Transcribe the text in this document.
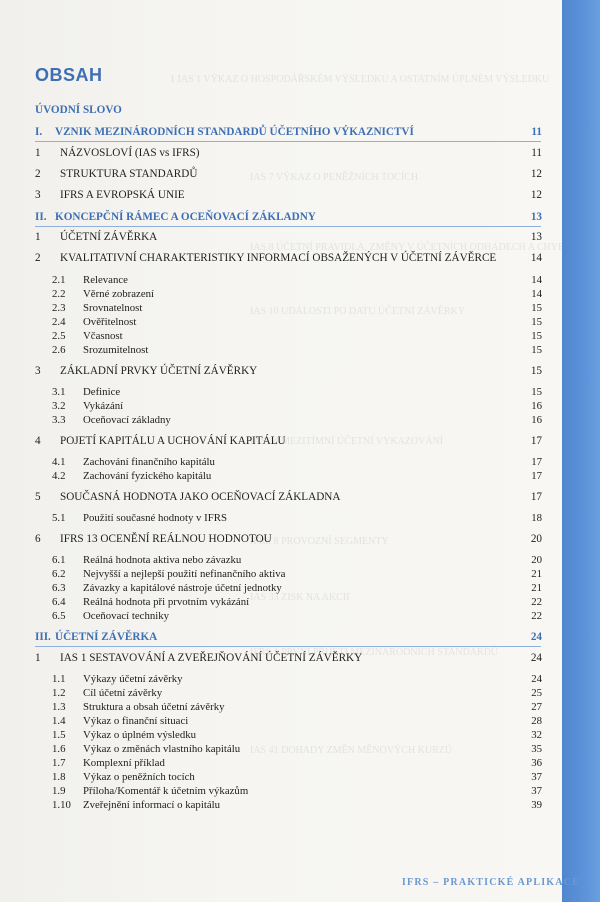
OBSAH
ÚVODNÍ SLOVO
I. VZNIK MEZINÁRODNÍCH STANDARDŮ ÚČETNÍHO VÝKAZNICTVÍ	11
1 NÁZVOSLOVÍ (IAS vs IFRS)	11
2 STRUKTURA STANDARDŮ	12
3 IFRS A EVROPSKÁ UNIE	12
II. KONCEPČNÍ RÁMEC A OCEŇOVACÍ ZÁKLADNY	13
1 ÚČETNÍ ZÁVĚRKA	13
2 KVALITATIVNÍ CHARAKTERISTIKY INFORMACÍ OBSAŽENÝCH V ÚČETNÍ ZÁVĚRCE	14
2.1 Relevance	14
2.2 Věrné zobrazení	14
2.3 Srovnatelnost	15
2.4 Ověřitelnost	15
2.5 Včasnost	15
2.6 Srozumitelnost	15
3 ZÁKLADNÍ PRVKY ÚČETNÍ ZÁVĚRKY	15
3.1 Definice	15
3.2 Vykázání	16
3.3 Oceňovací základny	16
4 POJETÍ KAPITÁLU A UCHOVÁNÍ KAPITÁLU	17
4.1 Zachování finančního kapitálu	17
4.2 Zachování fyzického kapitálu	17
5 SOUČASNÁ HODNOTA JAKO OCEŇOVACÍ ZÁKLADNA	17
5.1 Použití současné hodnoty v IFRS	18
6 IFRS 13 OCENĚNÍ REÁLNOU HODNOTOU	20
6.1 Reálná hodnota aktiva nebo závazku	20
6.2 Nejvyšší a nejlepší použití nefinančního aktiva	21
6.3 Závazky a kapitálové nástroje účetní jednotky	21
6.4 Reálná hodnota při prvotním vykázání	22
6.5 Oceňovací techniky	22
III. ÚČETNÍ ZÁVĚRKA	24
1 IAS 1 SESTAVOVÁNÍ A ZVEŘEJŇOVÁNÍ ÚČETNÍ ZÁVĚRKY	24
1.1 Výkazy účetní závěrky	24
1.2 Cíl účetní závěrky	25
1.3 Struktura a obsah účetní závěrky	27
1.4 Výkaz o finanční situaci	28
1.5 Výkaz o úplném výsledku	32
1.6 Výkaz o změnách vlastního kapitálu	35
1.7 Komplexní příklad	36
1.8 Výkaz o peněžních tocích	37
1.9 Příloha/Komentář k účetním výkazům	37
1.10 Zveřejnění informací o kapitálu	39
IFRS – PRAKTICKÉ APLIKACE
